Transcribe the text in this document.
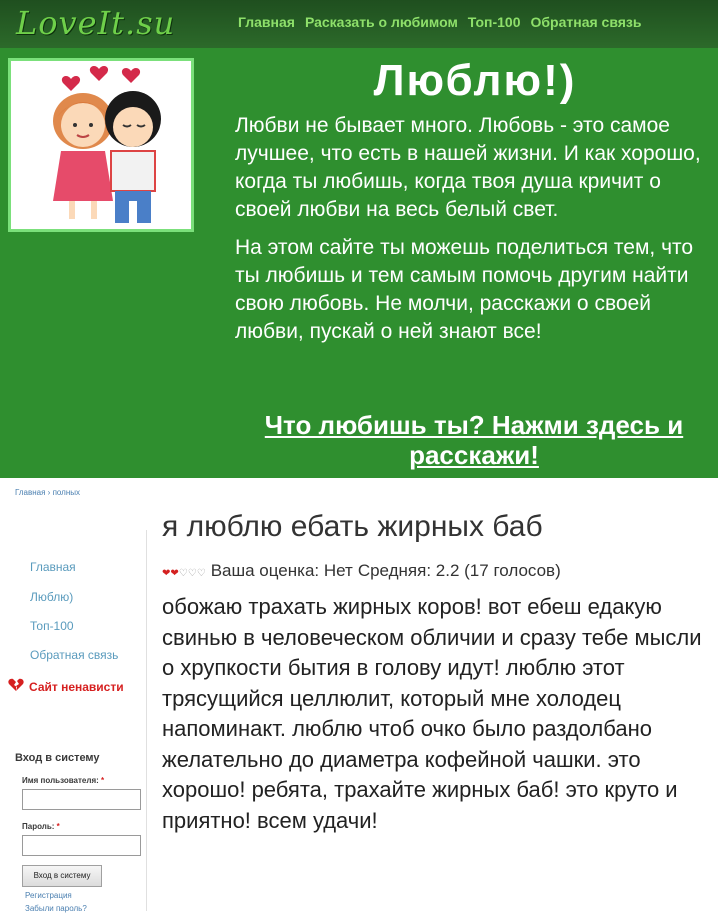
LoveIt.su	Главная Расказать о любимом Топ-100 Обратная связь
Люблю!)

Любви не бывает много. Любовь - это самое лучшее, что есть в нашей жизни. И как хорошо, когда ты любишь, когда твоя душа кричит о своей любви на весь белый свет.

На этом сайте ты можешь поделиться тем, что ты любишь и тем самым помочь другим найти свою любовь. Не молчи, расскажи о своей любви, пускай о ней знают все!

Что любишь ты? Нажми здесь и расскажи!
Главная › полных
Главная
Люблю)
Топ-100
Обратная связь
Сайт ненависти
Вход в систему
Имя пользователя: *
Пароль: *
Вход в систему
Регистрация
Забыли пароль?
я люблю ебать жирных баб
❤❤♡♡♡ Ваша оценка: Нет Средняя: 2.2 (17 голосов)
обожаю трахать жирных коров! вот ебеш едакую свинью в человеческом обличии и сразу тебе мысли о хрупкости бытия в голову идут! люблю этот трясущийся целлюлит, который мне холодец напоминакт. люблю чтоб очко было раздолбано желательно до диаметра кофейной чашки. это хорошо! ребята, трахайте жирных баб! это круто и приятно! всем удачи!
